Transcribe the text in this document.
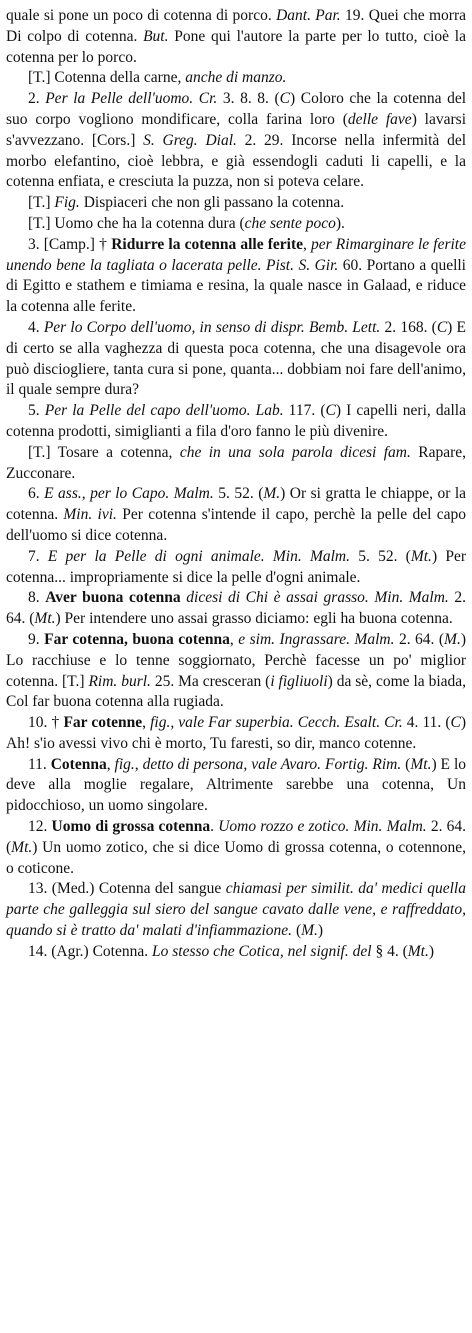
quale si pone un poco di cotenna di porco. Dant. Par. 19. Quei che morra Di colpo di cotenna. But. Pone qui l'autore la parte per lo tutto, cioè la cotenna per lo porco.

[T.] Cotenna della carne, anche di manzo.

2. Per la Pelle dell'uomo. Cr. 3. 8. 8. (C) Coloro che la cotenna del suo corpo vogliono mondificare, colla farina loro (delle fave) lavarsi s'avvezzano. [Cors.] S. Greg. Dial. 2. 29. Incorse nella infermità del morbo elefantino, cioè lebbra, e già essendogli caduti li capelli, e la cotenna enfiata, e cresciuta la puzza, non si poteva celare.

[T.] Fig. Dispiaceri che non gli passano la cotenna.

[T.] Uomo che ha la cotenna dura (che sente poco).

3. [Camp.] † Ridurre la cotenna alle ferite, per Rimarginare le ferite unendo bene la tagliata o lacerata pelle. Pist. S. Gir. 60. Portano a quelli di Egitto e stathem e timiama e resina, la quale nasce in Galaad, e riduce la cotenna alle ferite.

4. Per lo Corpo dell'uomo, in senso di dispr. Bemb. Lett. 2. 168. (C) E di certo se alla vaghezza di questa poca cotenna, che una disagevole ora può discioglierе, tanta cura si pone, quanta... dobbiam noi fare dell'animo, il quale sempre dura?

5. Per la Pelle del capo dell'uomo. Lab. 117. (C) I capelli neri, dalla cotenna prodotti, simiglianti a fila d'oro fanno le più divenire.

[T.] Tosare a cotenna, che in una sola parola dicesi fam. Rapare, Zucconare.

6. E ass., per lo Capo. Malm. 5. 52. (M.) Or si gratta le chiappe, or la cotenna. Min. ivi. Per cotenna s'intende il capo, perchè la pelle del capo dell'uomo si dice cotenna.

7. E per la Pelle di ogni animale. Min. Malm. 5. 52. (Mt.) Per cotenna... impropriamente si dice la pelle d'ogni animale.

8. Aver buona cotenna dicesi di Chi è assai grasso. Min. Malm. 2. 64. (Mt.) Per intendere uno assai grasso diciamo: egli ha buona cotenna.

9. Far cotenna, buona cotenna, e sim. Ingrassare. Malm. 2. 64. (M.) Lo racchiuse e lo tenne soggiornato, Perchè facesse un po' miglior cotenna. [T.] Rim. burl. 25. Ma cresceran (i figliuoli) da sè, come la biada, Col far buona cotenna alla rugiada.

10. † Far cotenne, fig., vale Far superbia. Cecch. Esalt. Cr. 4. 11. (C) Ah! s'io avessi vivo chi è morto, Tu faresti, so dir, manco cotenne.

11. Cotenna, fig., detto di persona, vale Avaro. Fortig. Rim. (Mt.) E lo deve alla moglie regalare, Altrimente sarebbe una cotenna, Un pidocchioso, un uomo singolare.

12. Uomo di grossa cotenna. Uomo rozzo e zotico. Min. Malm. 2. 64. (Mt.) Un uomo zotico, che si dice Uomo di grossa cotenna, o cotennone, o coticone.

13. (Med.) Cotenna del sangue chiamasi per similit. da' medici quella parte che galleggia sul siero del sangue cavato dalle vene, e raffreddato, quando si è tratto da' malati d'infiammazione. (M.)

14. (Agr.) Cotenna. Lo stesso che Cotica, nel signif. del § 4. (Mt.)
